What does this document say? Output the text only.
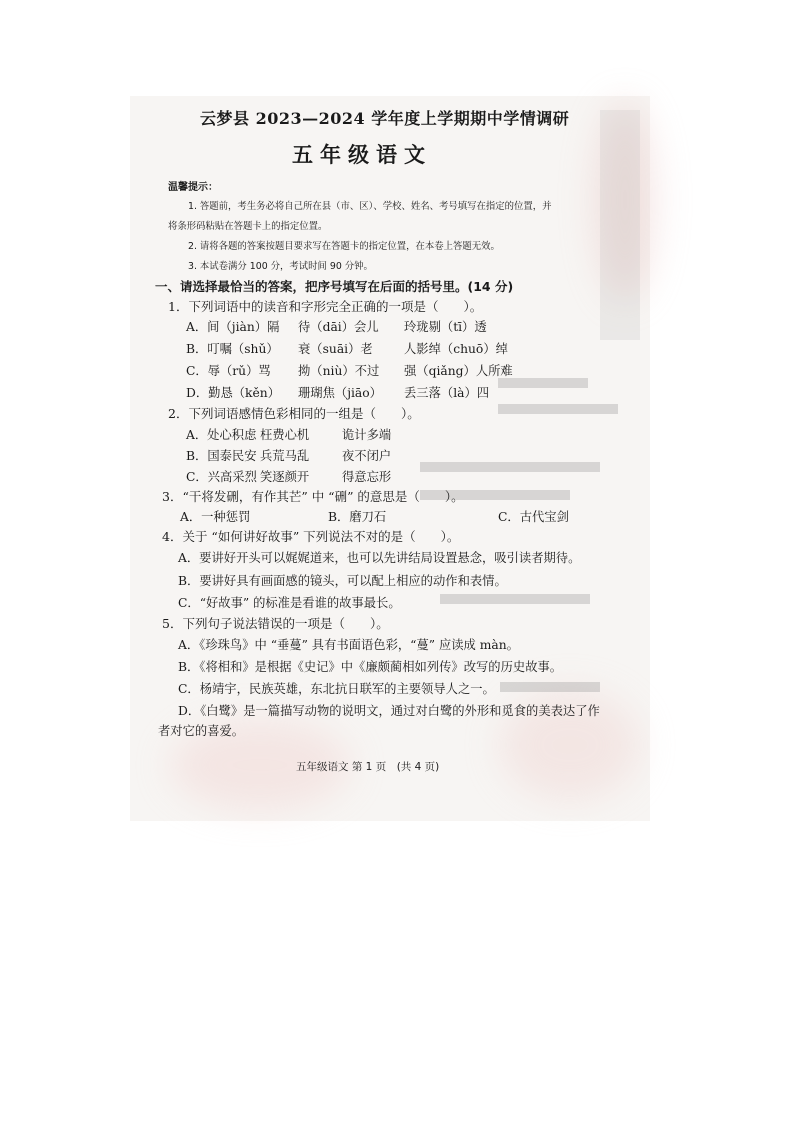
云梦县 2023—2024 学年度上学期期中学情调研
五年级语文
温馨提示：
1. 答题前，考生务必将自己所在县（市、区）、学校、姓名、考号填写在指定的位置，并
将条形码粘贴在答题卡上的指定位置。
2. 请将各题的答案按题目要求写在答题卡的指定位置，在本卷上答题无效。
3. 本试卷满分 100 分，考试时间 90 分钟。
一、请选择最恰当的答案，把序号填写在后面的括号里。(14 分)
1．下列词语中的读音和字形完全正确的一项是（　　）。
A．间（jiàn）隔 待（dāi）会儿 玲珑剔（tī）透
B．叮嘱（shǔ） 衰（suāi）老	人影绰（chuō）绰
C．辱（rǔ）骂 拗（niù）不过 强（qiǎng）人所难
D．勤恳（kěn） 珊瑚焦（jiāo） 丢三落（là）四
2．下列词语感情色彩相同的一组是（　　）。
A．处心积虑 枉费心机	诡计多端
B．国泰民安 兵荒马乱	夜不闭户
C．兴高采烈 笑逐颜开	得意忘形
3．“干将发硎，有作其芒” 中 “硎” 的意思是（　　）。
A．一种惩罚	B．磨刀石	C．古代宝剑
4．关于 “如何讲好故事” 下列说法不对的是（　　）。
A．要讲好开头可以娓娓道来，也可以先讲结局设置悬念，吸引读者期待。
B．要讲好具有画面感的镜头，可以配上相应的动作和表情。
C．“好故事” 的标准是看谁的故事最长。
5．下列句子说法错误的一项是（　　）。
A．《珍珠鸟》中 “垂蔓” 具有书面语色彩，“蔓” 应读成 màn。
B．《将相和》是根据《史记》中《廉颇蔺相如列传》改写的历史故事。
C．杨靖宇，民族英雄，东北抗日联军的主要领导人之一。
D．《白鹭》是一篇描写动物的说明文，通过对白鹭的外形和觅食的美表达了作
者对它的喜爱。
五年级语文 第 1 页　(共 4 页)
